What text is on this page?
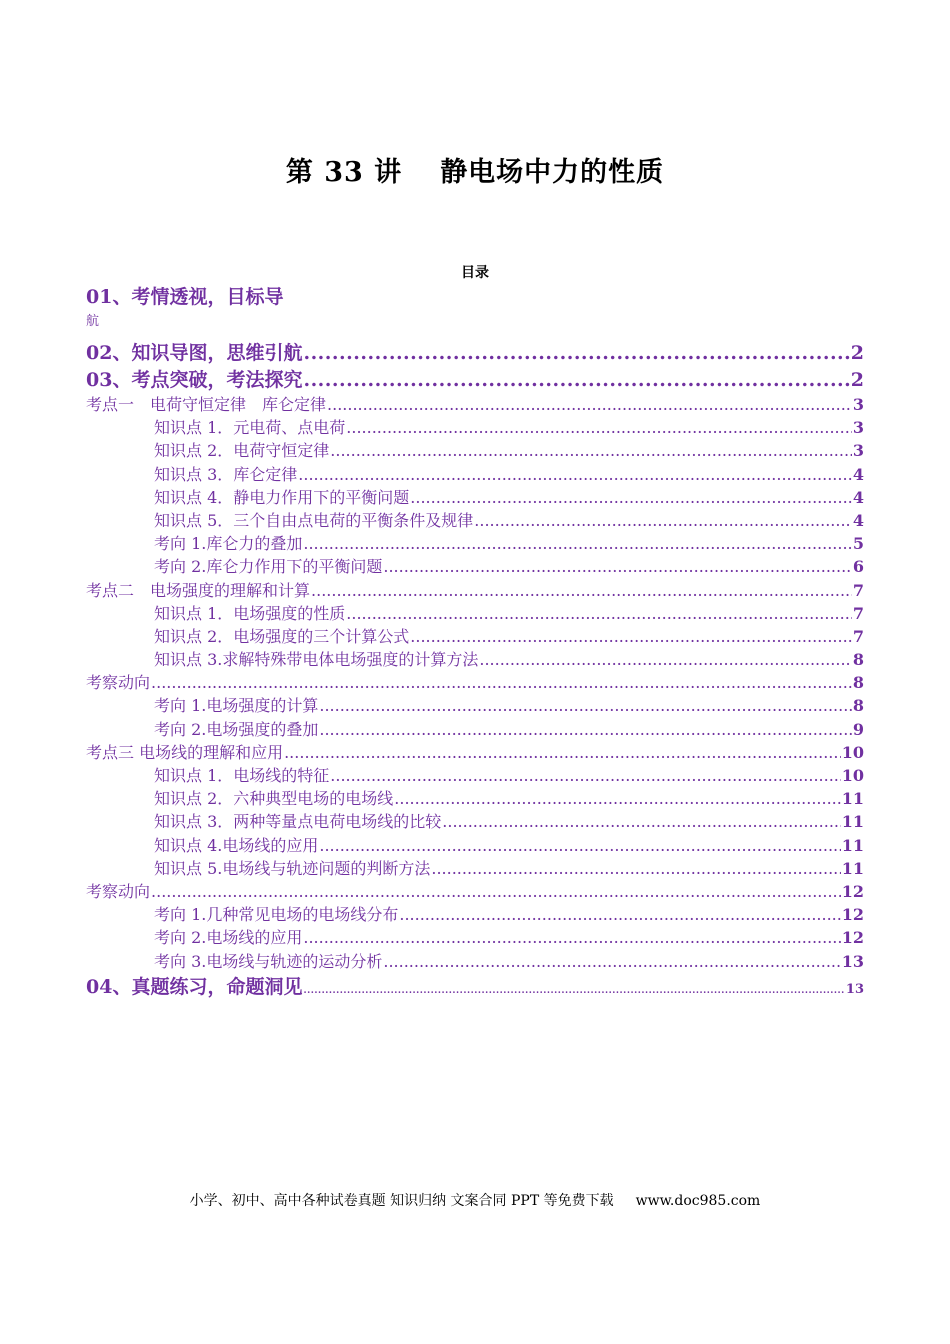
第 33 讲 静电场中力的性质
目录
01、考情透视，目标导
航
02、知识导图，思维引航 .....	2
03、考点突破，考法探究 .....	2
考点一　电荷守恒定律　库仑定律 .....	3
知识点 1．元电荷、点电荷 .....	3
知识点 2．电荷守恒定律 .....	3
知识点 3．库仑定律 .....	4
知识点 4．静电力作用下的平衡问题 .....	4
知识点 5．三个自由点电荷的平衡条件及规律 .....	4
考向 1.库仑力的叠加 .....	5
考向 2.库仑力作用下的平衡问题 .....	6
考点二　电场强度的理解和计算 .....	7
知识点 1．电场强度的性质 .....	7
知识点 2．电场强度的三个计算公式 .....	7
知识点 3.求解特殊带电体电场强度的计算方法 .....	8
考察动向 .....	8
考向 1.电场强度的计算 .....	8
考向 2.电场强度的叠加 .....	9
考点三 电场线的理解和应用 .....	10
知识点 1．电场线的特征 .....	10
知识点 2．六种典型电场的电场线 .....	11
知识点 3．两种等量点电荷电场线的比较 .....	11
知识点 4.电场线的应用 .....	11
知识点 5.电场线与轨迹问题的判断方法 .....	11
考察动向 .....	12
考向 1.几种常见电场的电场线分布 .....	12
考向 2.电场线的应用 .....	12
考向 3.电场线与轨迹的运动分析 .....	13
04、真题练习，命题洞见 .....	13
小学、初中、高中各种试卷真题 知识归纳 文案合同 PPT 等免费下载 www.doc985.com
